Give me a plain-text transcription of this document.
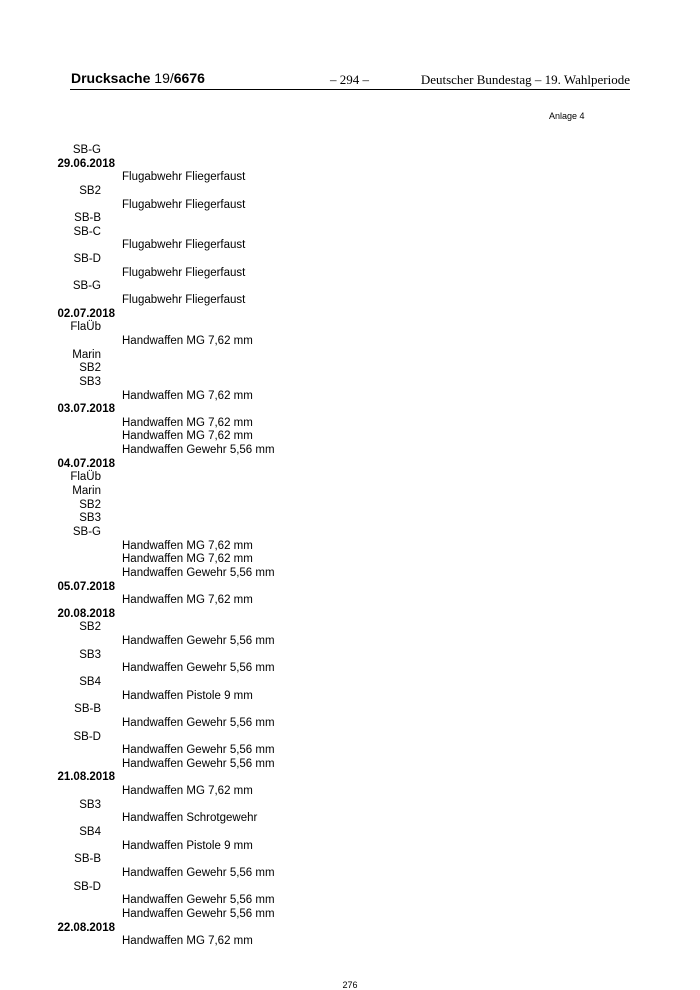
Drucksache 19/6676	– 294 –	Deutscher Bundestag – 19. Wahlperiode
Anlage 4
SB-G
29.06.2018
Flugabwehr Fliegerfaust
SB2
Flugabwehr Fliegerfaust
SB-B
SB-C
Flugabwehr Fliegerfaust
SB-D
Flugabwehr Fliegerfaust
SB-G
Flugabwehr Fliegerfaust
02.07.2018
FlaÜb
Handwaffen MG 7,62 mm
Marin
SB2
SB3
Handwaffen MG 7,62 mm
03.07.2018
Handwaffen MG 7,62 mm
Handwaffen MG 7,62 mm
Handwaffen Gewehr 5,56 mm
04.07.2018
FlaÜb
Marin
SB2
SB3
SB-G
Handwaffen MG 7,62 mm
Handwaffen MG 7,62 mm
Handwaffen Gewehr 5,56 mm
05.07.2018
Handwaffen MG 7,62 mm
20.08.2018
SB2
Handwaffen Gewehr 5,56 mm
SB3
Handwaffen Gewehr 5,56 mm
SB4
Handwaffen Pistole 9 mm
SB-B
Handwaffen Gewehr 5,56 mm
SB-D
Handwaffen Gewehr 5,56 mm
Handwaffen Gewehr 5,56 mm
21.08.2018
Handwaffen MG 7,62 mm
SB3
Handwaffen Schrotgewehr
SB4
Handwaffen Pistole 9 mm
SB-B
Handwaffen Gewehr 5,56 mm
SB-D
Handwaffen Gewehr 5,56 mm
Handwaffen Gewehr 5,56 mm
22.08.2018
Handwaffen MG 7,62 mm
276
